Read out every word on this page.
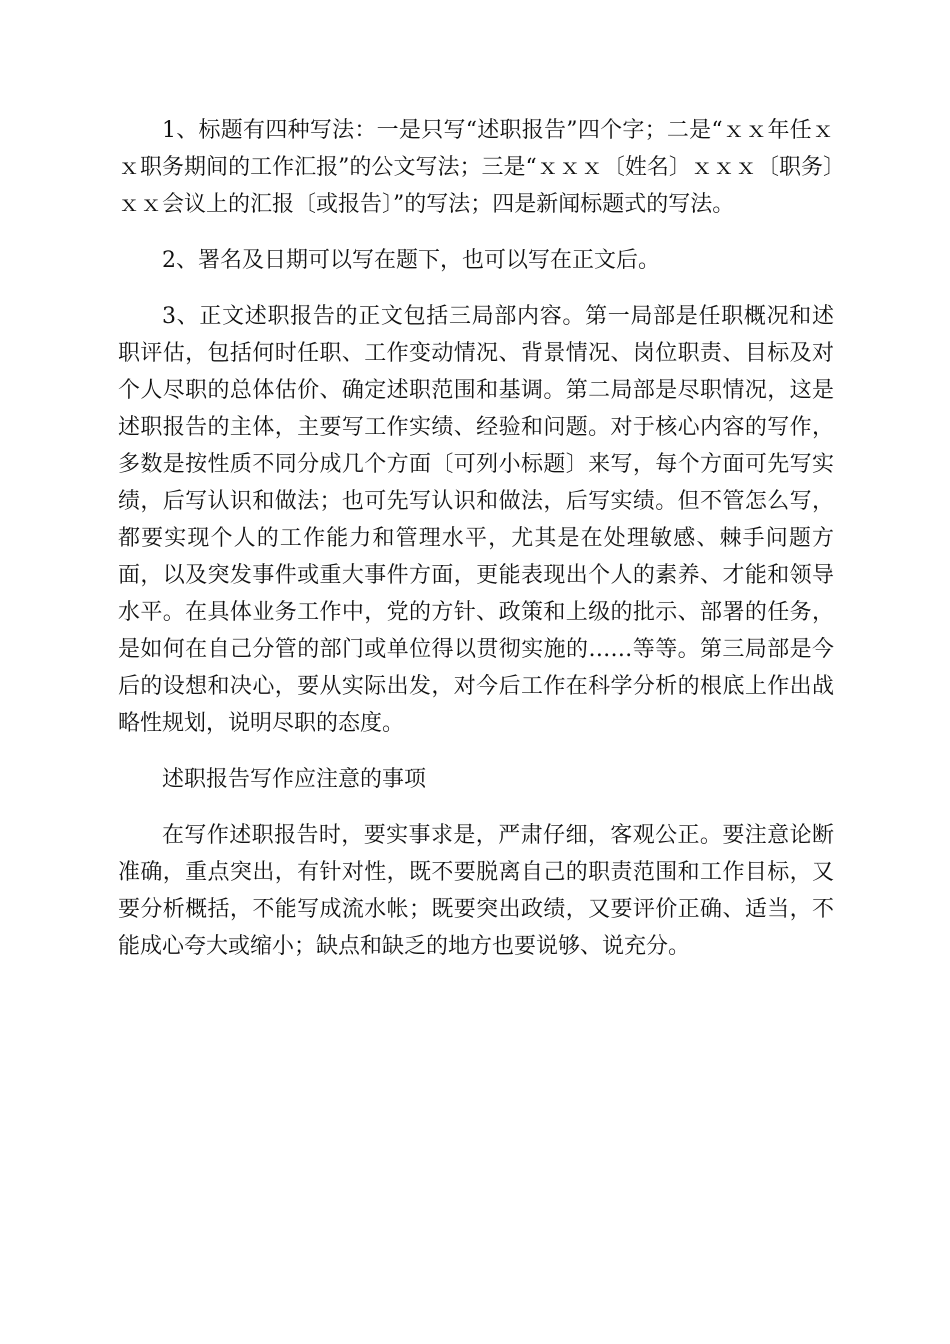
1、标题有四种写法：一是只写“述职报告”四个字；二是“ｘｘ年任ｘｘ职务期间的工作汇报”的公文写法；三是“ｘｘｘ〔姓名〕ｘｘｘ〔职务〕ｘｘ会议上的汇报〔或报告〕”的写法；四是新闻标题式的写法。

2、署名及日期可以写在题下，也可以写在正文后。

3、正文述职报告的正文包括三局部内容。第一局部是任职概况和述职评估，包括何时任职、工作变动情况、背景情况、岗位职责、目标及对个人尽职的总体估价、确定述职范围和基调。第二局部是尽职情况，这是述职报告的主体，主要写工作实绩、经验和问题。对于核心内容的写作，多数是按性质不同分成几个方面〔可列小标题〕来写，每个方面可先写实绩，后写认识和做法；也可先写认识和做法，后写实绩。但不管怎么写，都要实现个人的工作能力和管理水平，尤其是在处理敏感、棘手问题方面，以及突发事件或重大事件方面，更能表现出个人的素养、才能和领导水平。在具体业务工作中，党的方针、政策和上级的批示、部署的任务，是如何在自己分管的部门或单位得以贯彻实施的……等等。第三局部是今后的设想和决心，要从实际出发，对今后工作在科学分析的根底上作出战略性规划，说明尽职的态度。

述职报告写作应注意的事项

在写作述职报告时，要实事求是，严肃仔细，客观公正。要注意论断准确，重点突出，有针对性，既不要脱离自己的职责范围和工作目标，又要分析概括，不能写成流水帐；既要突出政绩，又要评价正确、适当，不能成心夸大或缩小；缺点和缺乏的地方也要说够、说充分。
